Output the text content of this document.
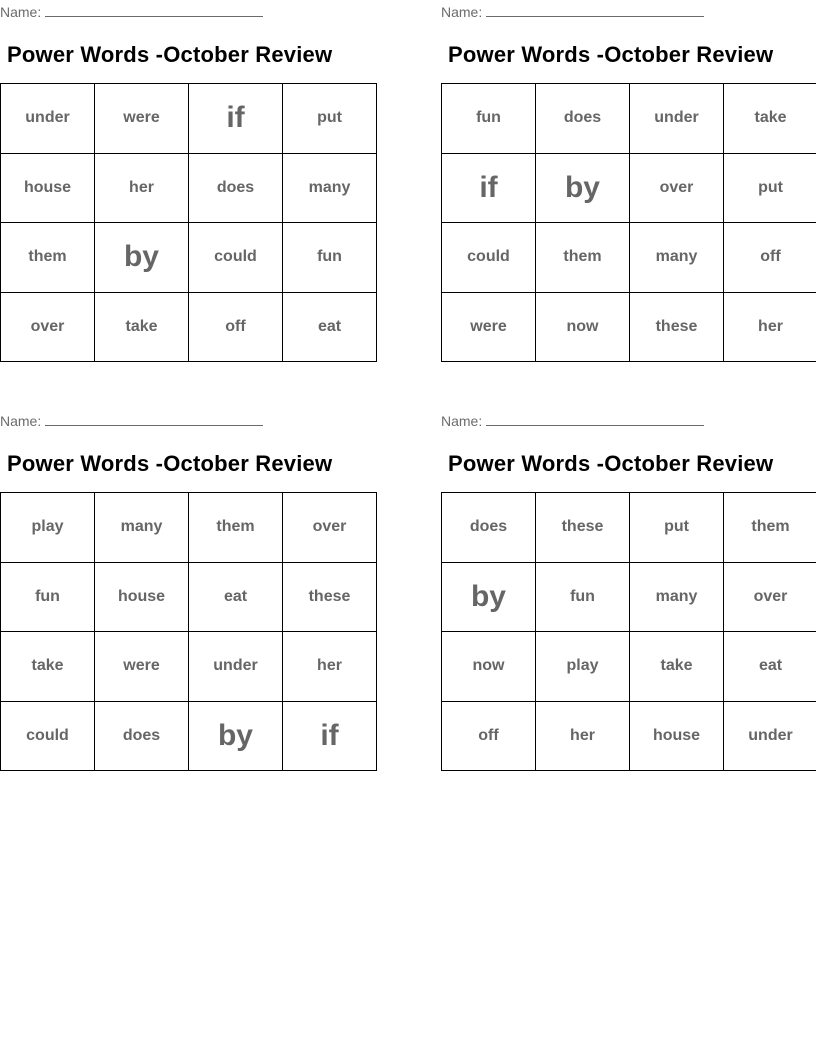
Name:
Power Words -October Review
under	were	if	put
house	her	does	many
them	by	could	fun
over	take	off	eat
Name:
Power Words -October Review
fun	does	under	take
if	by	over	put
could	them	many	off
were	now	these	her
Name:
Power Words -October Review
play	many	them	over
fun	house	eat	these
take	were	under	her
could	does	by	if
Name:
Power Words -October Review
does	these	put	them
by	fun	many	over
now	play	take	eat
off	her	house	under
